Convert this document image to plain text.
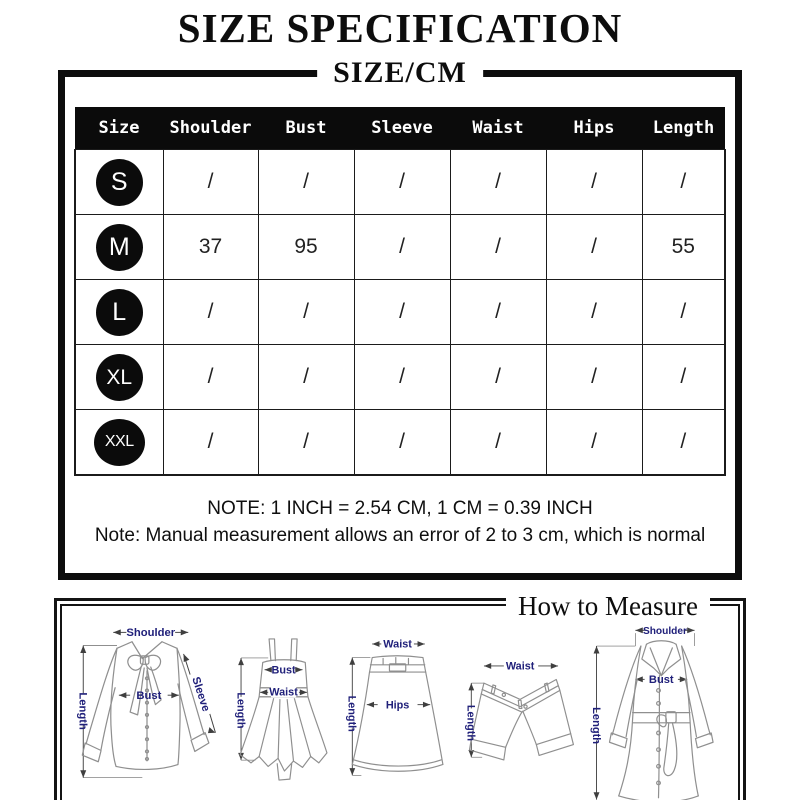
SIZE SPECIFICATION
SIZE/CM
Size	Shoulder	Bust	Sleeve	Waist	Hips	Length

S	/	/	/	/	/	/

M	37	95	/	/	/	55

L	/	/	/	/	/	/

XL	/	/	/	/	/	/

XXL	/	/	/	/	/	/

NOTE: 1 INCH = 2.54 CM, 1 CM = 0.39 INCH

Note: Manual measurement allows an error of 2 to 3 cm, which is normal

How to Measure
Shoulder
Length	Bust Sleeve
Bust
Waist
Length
Waist
Hips
Length
Waist
Length
Shoulder
Bust
Length
